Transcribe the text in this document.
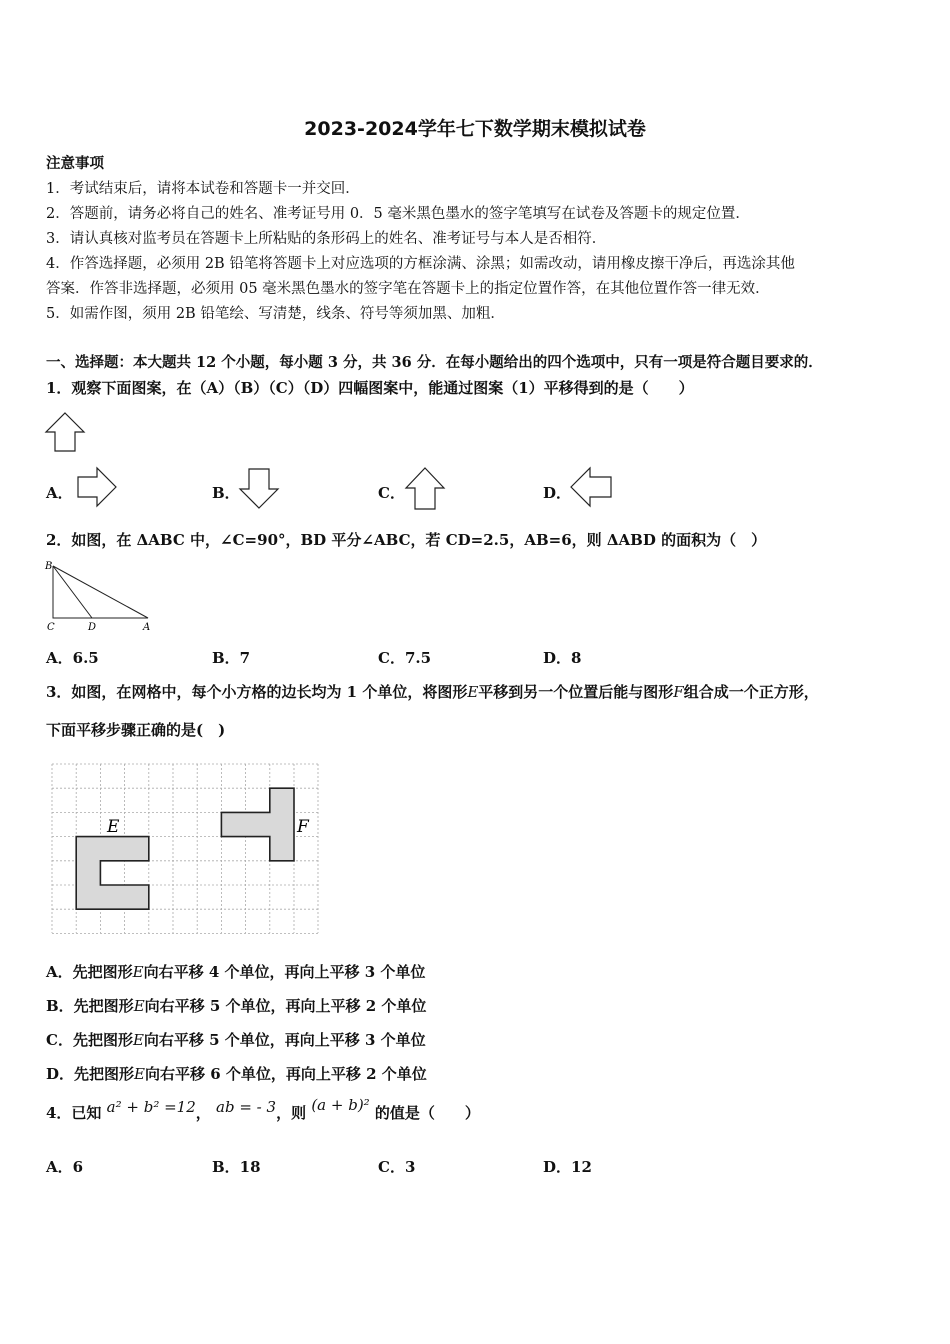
2023-2024学年七下数学期末模拟试卷
注意事项
1．考试结束后，请将本试卷和答题卡一并交回．
2．答题前，请务必将自己的姓名、准考证号用 0．5 毫米黑色墨水的签字笔填写在试卷及答题卡的规定位置．
3．请认真核对监考员在答题卡上所粘贴的条形码上的姓名、准考证号与本人是否相符．
4．作答选择题，必须用 2B 铅笔将答题卡上对应选项的方框涂满、涂黑；如需改动，请用橡皮擦干净后，再选涂其他
答案．作答非选择题，必须用 05 毫米黑色墨水的签字笔在答题卡上的指定位置作答，在其他位置作答一律无效．
5．如需作图，须用 2B 铅笔绘、写清楚，线条、符号等须加黑、加粗．
一、选择题：本大题共 12 个小题，每小题 3 分，共 36 分．在每小题给出的四个选项中，只有一项是符合题目要求的．
1．观察下面图案，在（A）（B）（C）（D）四幅图案中，能通过图案（1）平移得到的是（　　）
A．	B．	C．	D．
2．如图，在 ΔABC 中，∠C=90°，BD 平分∠ABC，若 CD=2.5，AB=6，则 ΔABD 的面积为（　）
B
C	D	A
A．6.5	B．7	C．7.5	D．8
3．如图，在网格中，每个小方格的边长均为 1 个单位，将图形E平移到另一个位置后能与图形F组合成一个正方形，
下面平移步骤正确的是(　)
E	F
A．先把图形E向右平移 4 个单位，再向上平移 3 个单位
B．先把图形E向右平移 5 个单位，再向上平移 2 个单位
C．先把图形E向右平移 5 个单位，再向上平移 3 个单位
D．先把图形E向右平移 6 个单位，再向上平移 2 个单位
4．已知 a² + b² =12， ab = - 3，则 (a + b)² 的值是（　　）
A．6	B．18	C．3	D．12
